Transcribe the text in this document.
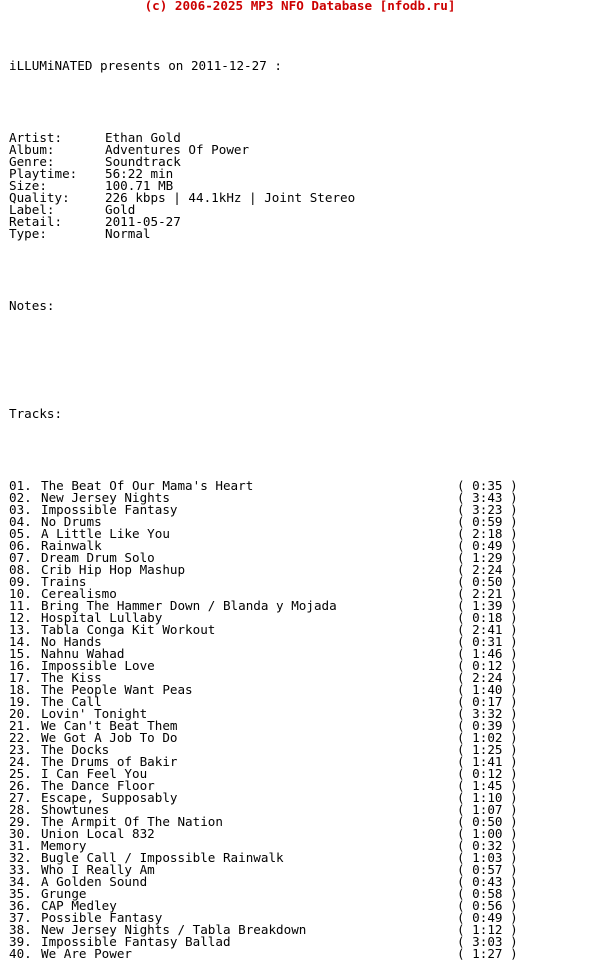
(c) 2006-2025 MP3 NFO Database [nfodb.ru]

iLLUMiNATED presents on 2011-12-27 :

Artist:	Ethan Gold
Album:	Adventures Of Power
Genre:	Soundtrack
Playtime: 56:22 min
Size:	100.71 MB
Quality:	226 kbps | 44.1kHz | Joint Stereo
Label:	Gold
Retail:	2011-05-27
Type:	Normal

Notes:

Tracks:

01. The Beat Of Our Mama's Heart	( 0:35 )
02. New Jersey Nights	( 3:43 )
03. Impossible Fantasy	( 3:23 )
04. No Drums	( 0:59 )
05. A Little Like You	( 2:18 )
06. Rainwalk	( 0:49 )
07. Dream Drum Solo	( 1:29 )
08. Crib Hip Hop Mashup	( 2:24 )
09. Trains	( 0:50 )
10. Cerealismo	( 2:21 )
11. Bring The Hammer Down / Blanda y Mojada	( 1:39 )
12. Hospital Lullaby	( 0:18 )
13. Tabla Conga Kit Workout	( 2:41 )
14. No Hands	( 0:31 )
15. Nahnu Wahad	( 1:46 )
16. Impossible Love	( 0:12 )
17. The Kiss	( 2:24 )
18. The People Want Peas	( 1:40 )
19. The Call	( 0:17 )
20. Lovin' Tonight	( 3:32 )
21. We Can't Beat Them	( 0:39 )
22. We Got A Job To Do	( 1:02 )
23. The Docks	( 1:25 )
24. The Drums of Bakir	( 1:41 )
25. I Can Feel You	( 0:12 )
26. The Dance Floor	( 1:45 )
27. Escape, Supposably	( 1:10 )
28. Showtunes	( 1:07 )
29. The Armpit Of The Nation	( 0:50 )
30. Union Local 832	( 1:00 )
31. Memory	( 0:32 )
32. Bugle Call / Impossible Rainwalk	( 1:03 )
33. Who I Really Am	( 0:57 )
34. A Golden Sound	( 0:43 )
35. Grunge	( 0:58 )
36. CAP Medley	( 0:56 )
37. Possible Fantasy	( 0:49 )
38. New Jersey Nights / Tabla Breakdown	( 1:12 )
39. Impossible Fantasy Ballad	( 3:03 )
40. We Are Power	( 1:27 )
